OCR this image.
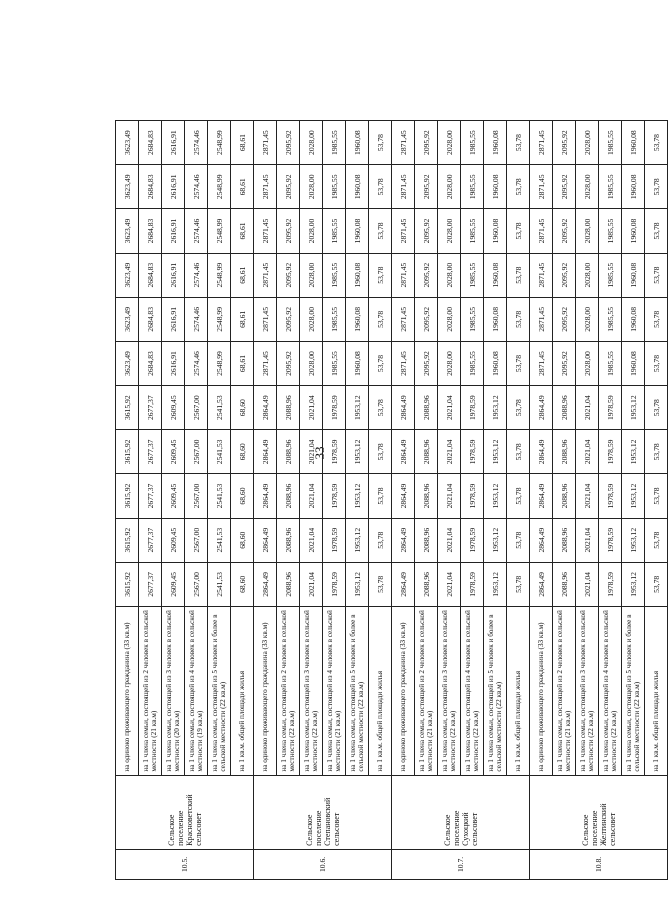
33
10.5.	Сельское поселение Красноветский сельсовет	на одиноко проживающего гражданина (33 кв.м)	3615,92	3615,92	3615,92	3615,92	3615,92	3623,49	3623,49	3623,49	3623,49	3623,49	3623,49
		на 1 члена семьи, состоящей из 2 человек в сельской местности (21 кв.м)	2677,37	2677,37	2677,37	2677,37	2677,37	2684,83	2684,83	2684,83	2684,83	2684,83	2684,83
		на 1 члена семьи, состоящей из 3 человек в сельской местности (20 кв.м)	2609,45	2609,45	2609,45	2609,45	2609,45	2616,91	2616,91	2616,91	2616,91	2616,91	2616,91
		на 1 члена семьи, состоящей из 4 человек в сельской местности (19 кв.м)	2567,00	2567,00	2567,00	2567,00	2567,00	2574,46	2574,46	2574,46	2574,46	2574,46	2574,46
		на 1 члена семьи, состоящей из 5 человек и более в сельской местности (22 кв.м)	2541,53	2541,53	2541,53	2541,53	2541,53	2548,99	2548,99	2548,99	2548,99	2548,99	2548,99
		на 1 кв.м. общей площади жилья	68,60	68,60	68,60	68,60	68,60	68,61	68,61	68,61	68,61	68,61	68,61
10.6.	Сельское поселение Степановский сельсовет	на одиноко проживающего гражданина (33 кв.м)	2864,49	2864,49	2864,49	2864,49	2864,49	2871,45	2871,45	2871,45	2871,45	2871,45	2871,45
		на 1 члена семьи, состоящей из 2 человек в сельской местности (22 кв.м)	2088,96	2088,96	2088,96	2088,96	2088,96	2095,92	2095,92	2095,92	2095,92	2095,92	2095,92
		на 1 члена семьи, состоящей из 3 человек в сельской местности (22 кв.м)	2021,04	2021,04	2021,04	2021,04	2021,04	2028,00	2028,00	2028,00	2028,00	2028,00	2028,00
		на 1 члена семьи, состоящей из 4 человек в сельской местности (21 кв.м)	1978,59	1978,59	1978,59	1978,59	1978,59	1985,55	1985,55	1985,55	1985,55	1985,55	1985,55
		на 1 члена семьи, состоящей из 5 человек и более в сельской местности (22 кв.м)	1953,12	1953,12	1953,12	1953,12	1953,12	1960,08	1960,08	1960,08	1960,08	1960,08	1960,08
		на 1 кв.м. общей площади жилья	53,78	53,78	53,78	53,78	53,78	53,78	53,78	53,78	53,78	53,78	53,78
10.7.	Сельское поселение Сухоцкий сельсовет	на одиноко проживающего гражданина (33 кв.м)	2864,49	2864,49	2864,49	2864,49	2864,49	2871,45	2871,45	2871,45	2871,45	2871,45	2871,45
		на 1 члена семьи, состоящей из 2 человек в сельской местности (21 кв.м)	2088,96	2088,96	2088,96	2088,96	2088,96	2095,92	2095,92	2095,92	2095,92	2095,92	2095,92
		на 1 члена семьи, состоящей из 3 человек в сельской местности (22 кв.м)	2021,04	2021,04	2021,04	2021,04	2021,04	2028,00	2028,00	2028,00	2028,00	2028,00	2028,00
		на 1 члена семьи, состоящей из 4 человек в сельской местности (22 кв.м)	1978,59	1978,59	1978,59	1978,59	1978,59	1985,55	1985,55	1985,55	1985,55	1985,55	1985,55
		на 1 члена семьи, состоящей из 5 человек и более в сельской местности (22 кв.м)	1953,12	1953,12	1953,12	1953,12	1953,12	1960,08	1960,08	1960,08	1960,08	1960,08	1960,08
		на 1 кв.м. общей площади жилья	53,78	53,78	53,78	53,78	53,78	53,78	53,78	53,78	53,78	53,78	53,78
10.8.	Сельское поселение Желтинский сельсовет	на одиноко проживающего гражданина (33 кв.м)	2864,49	2864,49	2864,49	2864,49	2864,49	2871,45	2871,45	2871,45	2871,45	2871,45	2871,45
		на 1 члена семьи, состоящей из 2 человек в сельской местности (21 кв.м)	2088,96	2088,96	2088,96	2088,96	2088,96	2095,92	2095,92	2095,92	2095,92	2095,92	2095,92
		на 1 члена семьи, состоящей из 3 человек в сельской местности (22 кв.м)	2021,04	2021,04	2021,04	2021,04	2021,04	2028,00	2028,00	2028,00	2028,00	2028,00	2028,00
		на 1 члена семьи, состоящей из 4 человек в сельской местности (22 кв.м)	1978,59	1978,59	1978,59	1978,59	1978,59	1985,55	1985,55	1985,55	1985,55	1985,55	1985,55
		на 1 члена семьи, состоящей из 5 человек и более в сельской местности (22 кв.м)	1953,12	1953,12	1953,12	1953,12	1953,12	1960,08	1960,08	1960,08	1960,08	1960,08	1960,08
		на 1 кв.м. общей площади жилья	53,78	53,78	53,78	53,78	53,78	53,78	53,78	53,78	53,78	53,78	53,78
